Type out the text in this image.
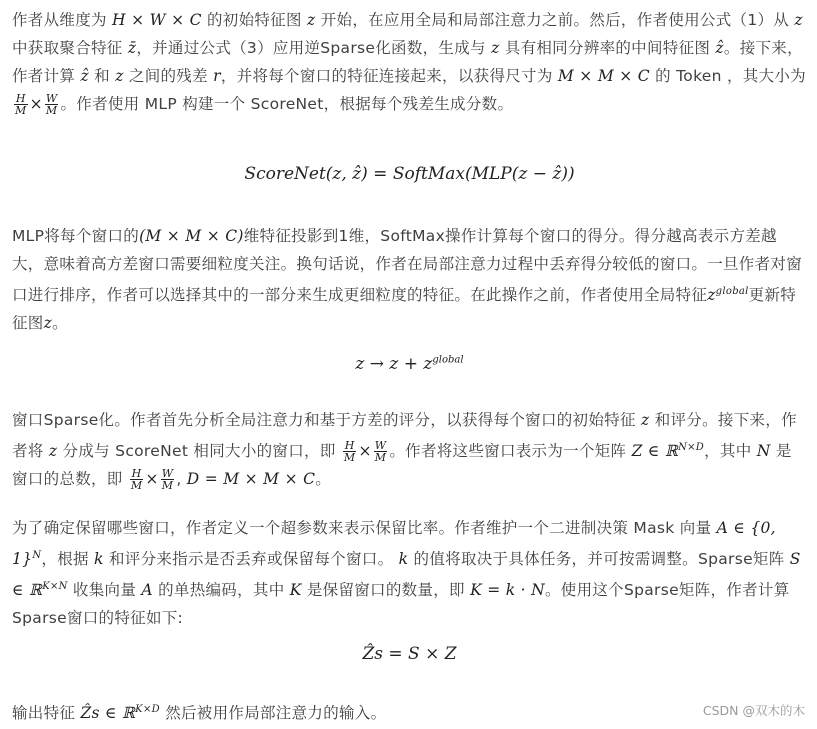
作者从维度为 H × W × C 的初始特征图 z 开始，在应用全局和局部注意力之前。然后，作者使用公式（1）从 z 中获取聚合特征 z̄，并通过公式（3）应用逆Sparse化函数，生成与 z 具有相同分辨率的中间特征图 ẑ。接下来，作者计算 ẑ 和 z 之间的残差 r，并将每个窗口的特征连接起来，以获得尺寸为 M × M × C 的 Token ，其大小为
$\frac{H}{M} \times \frac{W}{M}$ 。作者使用 MLP 构建一个 ScoreNet，根据每个残差生成分数。

ScoreNet(z, ẑ) = SoftMax(MLP(z − ẑ))

MLP将每个窗口的(M × M × C)维特征投影到1维，SoftMax操作计算每个窗口的得分。得分越高表示方差越大，意味着高方差窗口需要细粒度关注。换句话说，作者在局部注意力过程中丢弃得分较低的窗口。一旦作者对窗口进行排序，作者可以选择其中的一部分来生成更细粒度的特征。在此操作之前，作者使用全局特征$z^{global}$更新特征图z。

$z \to z + z^{global}$

窗口Sparse化。作者首先分析全局注意力和基于方差的评分，以获得每个窗口的初始特征 z 和评分。接下来，作者将 z 分成与 ScoreNet 相同大小的窗口，即 $\frac{H}{M} \times \frac{W}{M}$ 。作者将这些窗口表示为一个矩阵 Z ∈ ℝ$^{N\times D}$，其中 N 是窗口的总数，即 $\frac{H}{M} \times \frac{W}{M}$ , D = M × M × C。

为了确定保留哪些窗口，作者定义一个超参数来表示保留比率。作者维护一个二进制决策 Mask 向量 A ∈ {0, 1}$^N$，根据 k 和评分来指示是否丢弃或保留每个窗口。 k 的值将取决于具体任务，并可按需调整。Sparse矩阵 S ∈ ℝ$^{K\times N}$ 收集向量 A 的单热编码，其中 K 是保留窗口的数量，即 K = k · N。使用这个Sparse矩阵，作者计算Sparse窗口的特征如下:

Ẑs = S × Z

输出特征 Ẑs ∈ ℝ$^{K\times D}$ 然后被用作局部注意力的输入。	CSDN @双木的木
